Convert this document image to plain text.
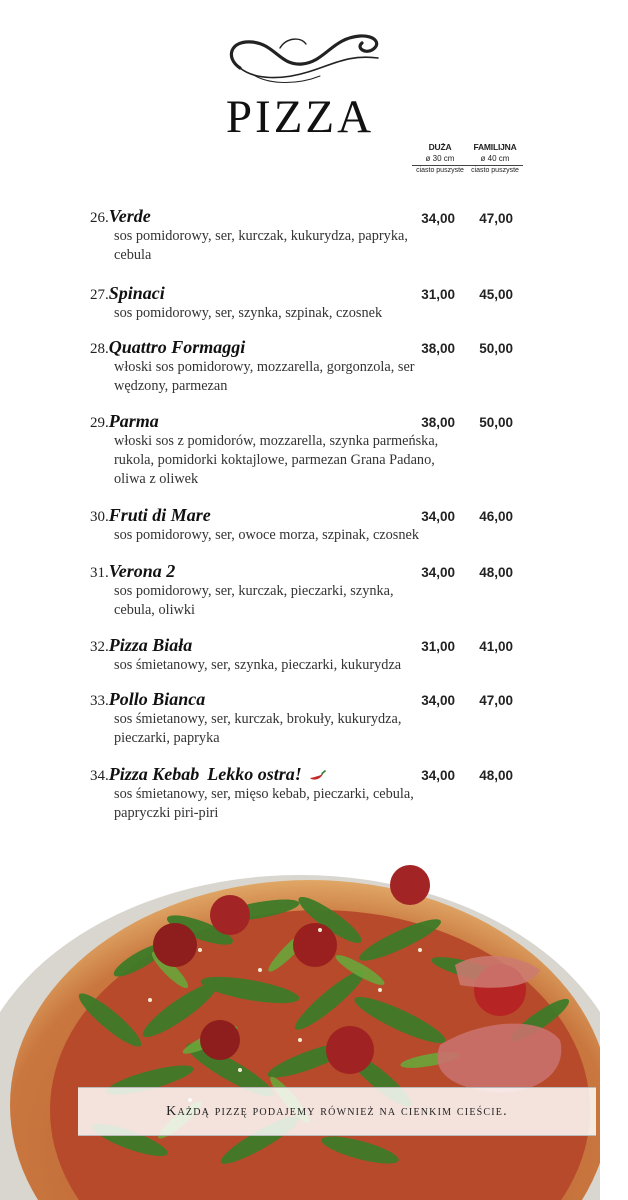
PIZZA
DUŻA
ø 30 cm
ciasto puszyste
FAMILIJNA
ø 40 cm
ciasto puszyste
26.Verde
sos pomidorowy, ser, kurczak, kukurydza, papryka, cebula
34,00	47,00
27.Spinaci
sos pomidorowy, ser, szynka, szpinak, czosnek
31,00	45,00
28.Quattro Formaggi
włoski sos pomidorowy, mozzarella, gorgonzola, ser wędzony, parmezan
38,00	50,00
29.Parma
włoski sos z pomidorów, mozzarella, szynka parmeńska, rukola, pomidorki koktajlowe, parmezan Grana Padano, oliwa z oliwek
38,00	50,00
30.Fruti di Mare
sos pomidorowy, ser, owoce morza, szpinak, czosnek
34,00	46,00
31.Verona 2
sos pomidorowy, ser, kurczak, pieczarki, szynka, cebula, oliwki
34,00	48,00
32.Pizza Biała
sos śmietanowy, ser, szynka, pieczarki, kukurydza
31,00	41,00
33.Pollo Bianca
sos śmietanowy, ser, kurczak, brokuły, kukurydza, pieczarki, papryka
34,00	47,00
34.Pizza Kebab Lekko ostra!
sos śmietanowy, ser, mięso kebab, pieczarki, cebula, papryczki piri-piri
34,00	48,00
Każdą pizzę podajemy również na cienkim cieście.
